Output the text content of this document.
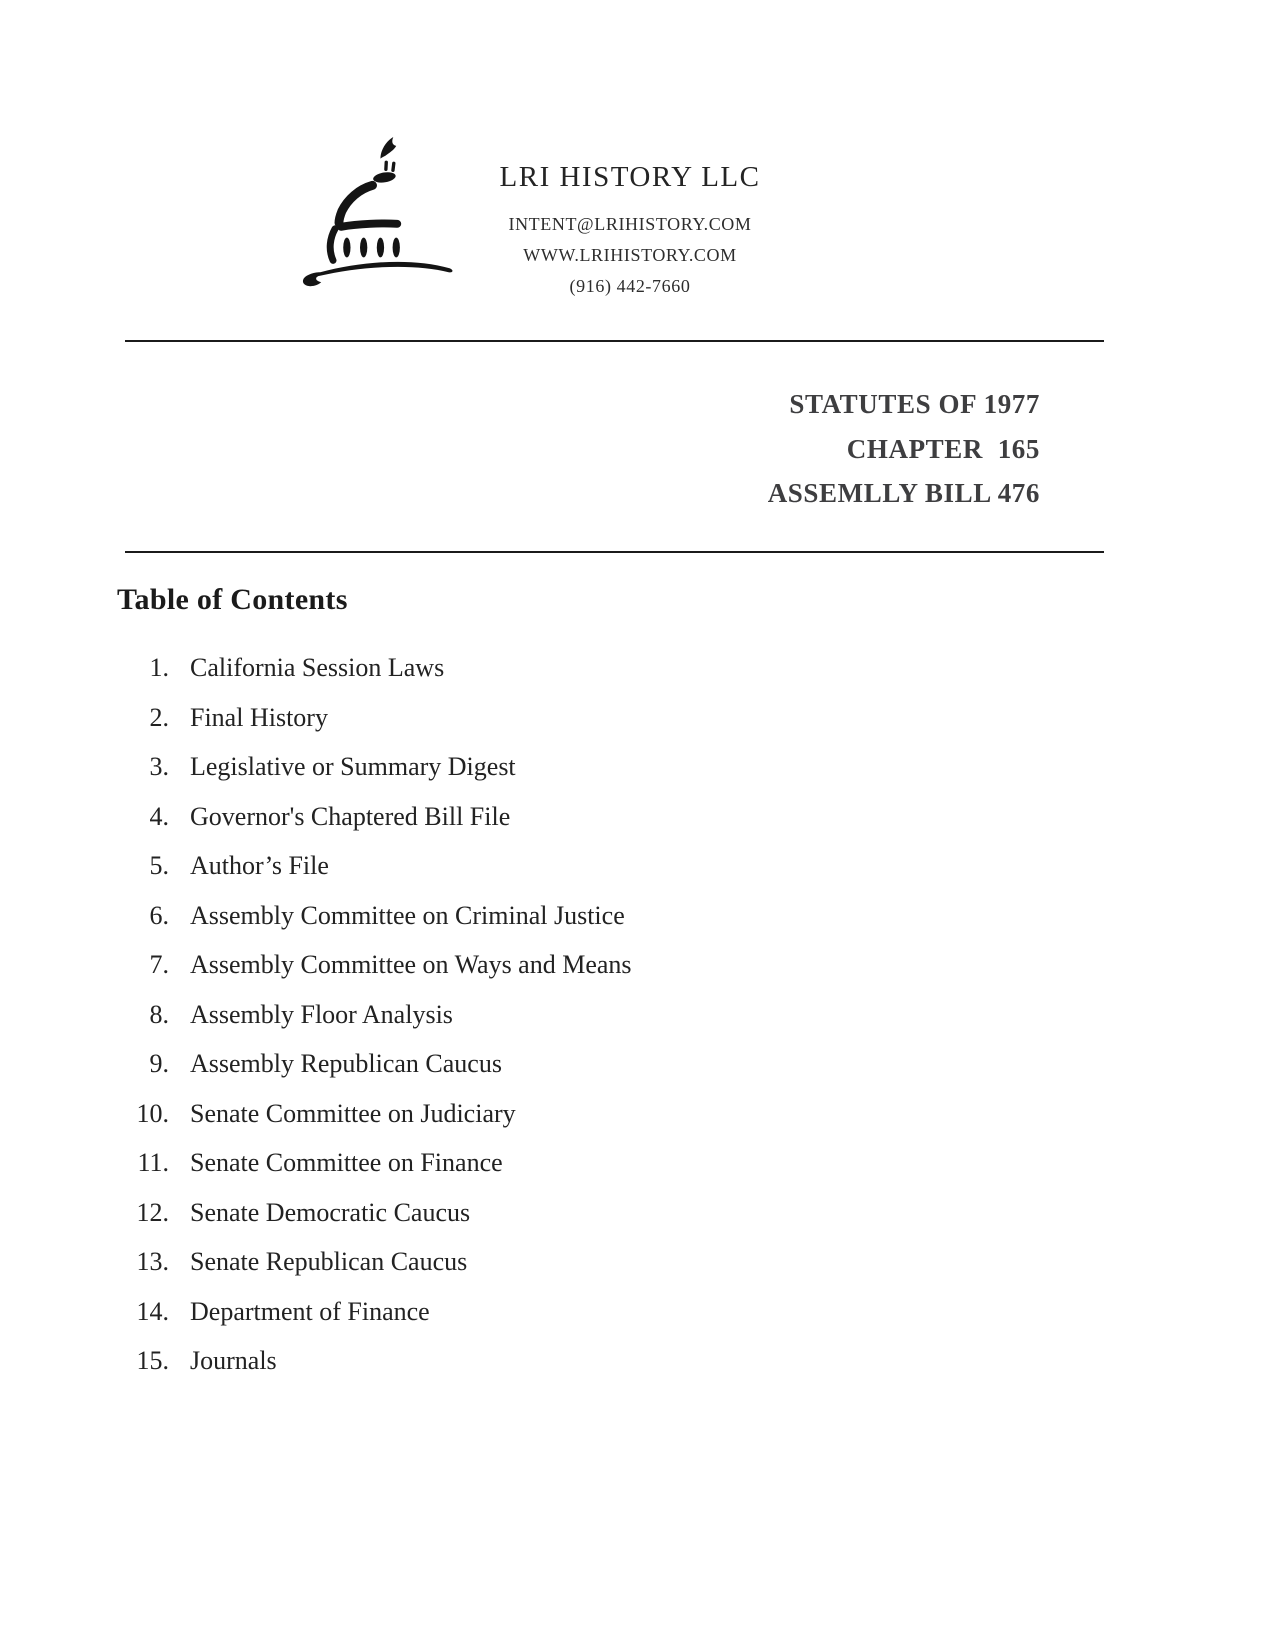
LRI HISTORY LLC
INTENT@LRIHISTORY.COM
WWW.LRIHISTORY.COM
(916) 442-7660
STATUTES OF 1977
CHAPTER  165
ASSEMLLY BILL 476
Table of Contents
1. California Session Laws
2. Final History
3. Legislative or Summary Digest
4. Governor's Chaptered Bill File
5. Author’s File
6. Assembly Committee on Criminal Justice
7. Assembly Committee on Ways and Means
8. Assembly Floor Analysis
9. Assembly Republican Caucus
10. Senate Committee on Judiciary
11. Senate Committee on Finance
12. Senate Democratic Caucus
13. Senate Republican Caucus
14. Department of Finance
15. Journals
